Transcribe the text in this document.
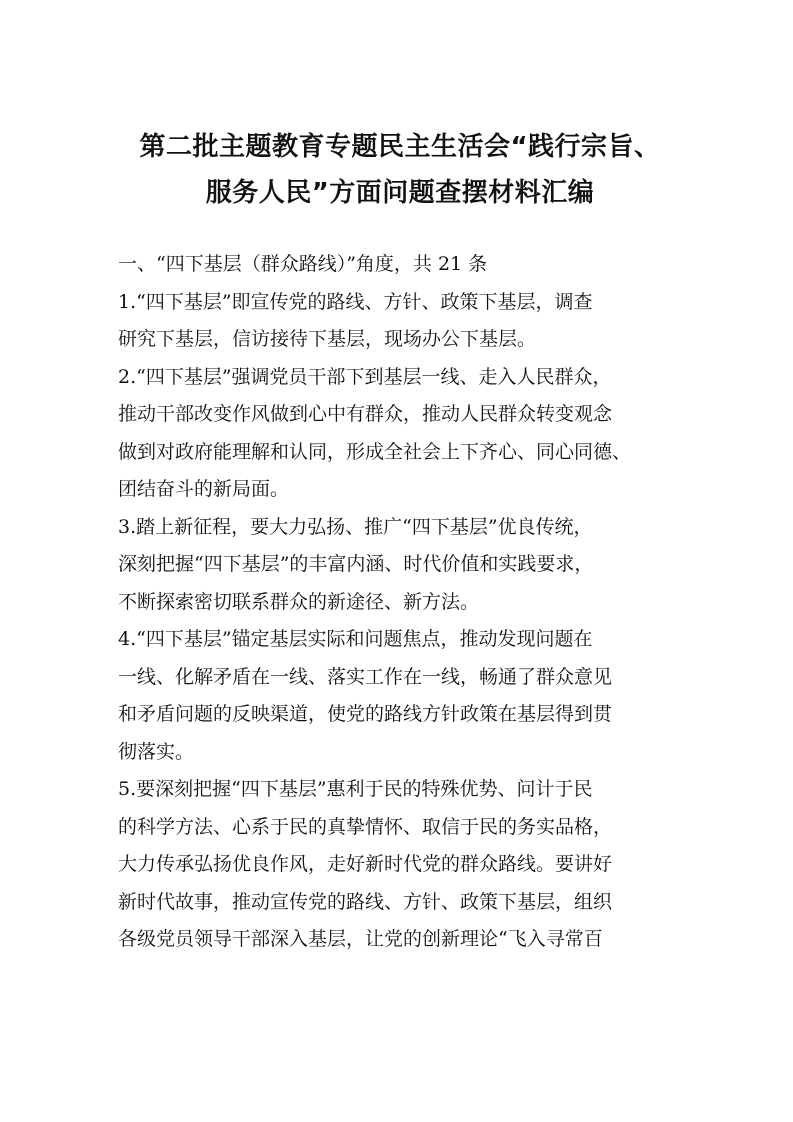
第二批主题教育专题民主生活会“践行宗旨、
服务人民”方面问题查摆材料汇编
一、“四下基层（群众路线）”角度，共 21 条
1.“四下基层”即宣传党的路线、方针、政策下基层，调查
研究下基层，信访接待下基层，现场办公下基层。
2.“四下基层”强调党员干部下到基层一线、走入人民群众，
推动干部改变作风做到心中有群众，推动人民群众转变观念
做到对政府能理解和认同，形成全社会上下齐心、同心同德、
团结奋斗的新局面。
3.踏上新征程，要大力弘扬、推广“四下基层”优良传统，
深刻把握“四下基层”的丰富内涵、时代价值和实践要求，
不断探索密切联系群众的新途径、新方法。
4.“四下基层”锚定基层实际和问题焦点，推动发现问题在
一线、化解矛盾在一线、落实工作在一线，畅通了群众意见
和矛盾问题的反映渠道，使党的路线方针政策在基层得到贯
彻落实。
5.要深刻把握“四下基层”惠利于民的特殊优势、问计于民
的科学方法、心系于民的真挚情怀、取信于民的务实品格，
大力传承弘扬优良作风，走好新时代党的群众路线。要讲好
新时代故事，推动宣传党的路线、方针、政策下基层，组织
各级党员领导干部深入基层，让党的创新理论“飞入寻常百
